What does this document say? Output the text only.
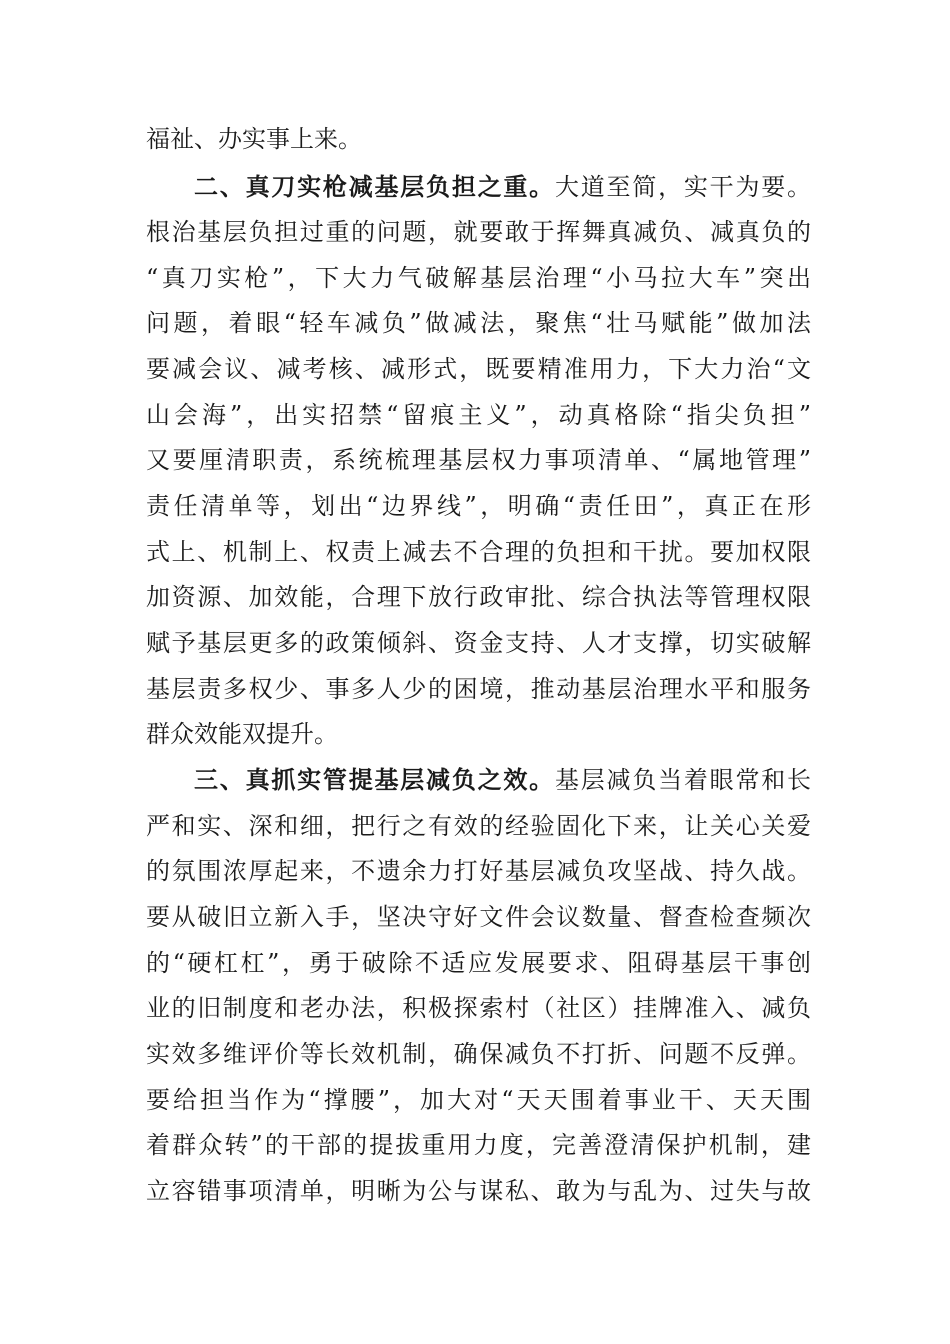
福祉、办实事上来。
二、真刀实枪减基层负担之重。大道至简，实干为要。
根治基层负担过重的问题，就要敢于挥舞真减负、减真负的
“真刀实枪”，下大力气破解基层治理“小马拉大车”突出
问题，着眼“轻车减负”做减法，聚焦“壮马赋能”做加法
要减会议、减考核、减形式，既要精准用力，下大力治“文
山会海”，出实招禁“留痕主义”，动真格除“指尖负担”
又要厘清职责，系统梳理基层权力事项清单、“属地管理”
责任清单等，划出“边界线”，明确“责任田”，真正在形
式上、机制上、权责上减去不合理的负担和干扰。要加权限
加资源、加效能，合理下放行政审批、综合执法等管理权限
赋予基层更多的政策倾斜、资金支持、人才支撑，切实破解
基层责多权少、事多人少的困境，推动基层治理水平和服务
群众效能双提升。
三、真抓实管提基层减负之效。基层减负当着眼常和长
严和实、深和细，把行之有效的经验固化下来，让关心关爱
的氛围浓厚起来，不遗余力打好基层减负攻坚战、持久战。
要从破旧立新入手，坚决守好文件会议数量、督查检查频次
的“硬杠杠”，勇于破除不适应发展要求、阻碍基层干事创
业的旧制度和老办法，积极探索村（社区）挂牌准入、减负
实效多维评价等长效机制，确保减负不打折、问题不反弹。
要给担当作为“撑腰”，加大对“天天围着事业干、天天围
着群众转”的干部的提拔重用力度，完善澄清保护机制，建
立容错事项清单，明晰为公与谋私、敢为与乱为、过失与故
